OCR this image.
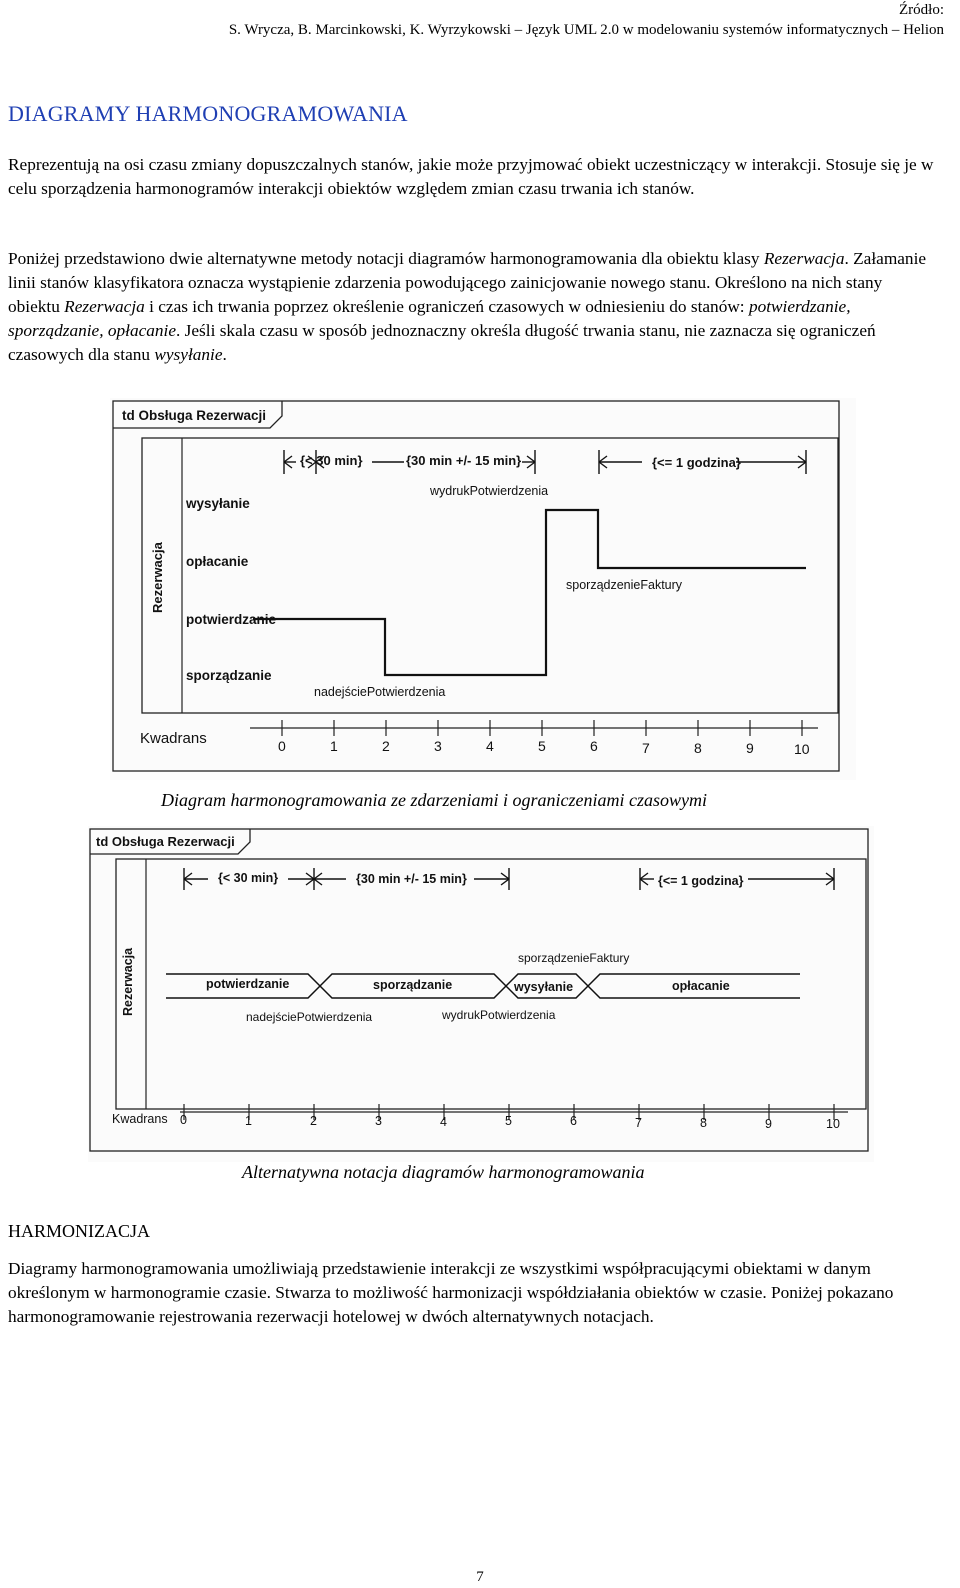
Źródło:
S. Wrycza, B. Marcinkowski, K. Wyrzykowski – Język UML 2.0 w modelowaniu systemów informatycznych – Helion
DIAGRAMY HARMONOGRAMOWANIA

Reprezentują na osi czasu zmiany dopuszczalnych stanów, jakie może przyjmować obiekt uczestniczący w interakcji. Stosuje się je w celu sporządzenia harmonogramów interakcji obiektów względem zmian czasu trwania ich stanów.

Poniżej przedstawiono dwie alternatywne metody notacji diagramów harmonogramowania dla obiektu klasy Rezerwacja. Załamanie linii stanów klasyfikatora oznacza wystąpienie zdarzenia powodującego zainicjowanie nowego stanu. Określono na nich stany obiektu Rezerwacja i czas ich trwania poprzez określenie ograniczeń czasowych w odniesieniu do stanów: potwierdzanie, sporządzanie, opłacanie. Jeśli skala czasu w sposób jednoznaczny określa długość trwania stanu, nie zaznacza się ograniczeń czasowych dla stanu wysyłanie.

td Obsługa Rezerwacji
Rezerwacja
wysyłanie
opłacanie
potwierdzanie
sporządzanie
{< 30 min}	{30 min +/- 15 min}	{<= 1 godzina}
wydrukPotwierdzenia
sporządzenieFaktury
nadejściePotwierdzenia
Kwadrans	0	1	2	3	4	5	6	7	8	9	10
Diagram harmonogramowania ze zdarzeniami i ograniczeniami czasowymi
td Obsługa Rezerwacji
Rezerwacja
{< 30 min}	{30 min +/- 15 min}	{<= 1 godzina}
potwierdzanie	sporządzanie	wysyłanie	opłacanie
sporządzenieFaktury
nadejściePotwierdzenia	wydrukPotwierdzenia
Kwadrans 0	1	2	3	4	5	6	7	8	9	10
Alternatywna notacja diagramów harmonogramowania
HARMONIZACJA

Diagramy harmonogramowania umożliwiają przedstawienie interakcji ze wszystkimi współpracującymi obiektami w danym określonym w harmonogramie czasie. Stwarza to możliwość harmonizacji współdziałania obiektów w czasie. Poniżej pokazano harmonogramowanie rejestrowania rezerwacji hotelowej w dwóch alternatywnych notacjach.

7
